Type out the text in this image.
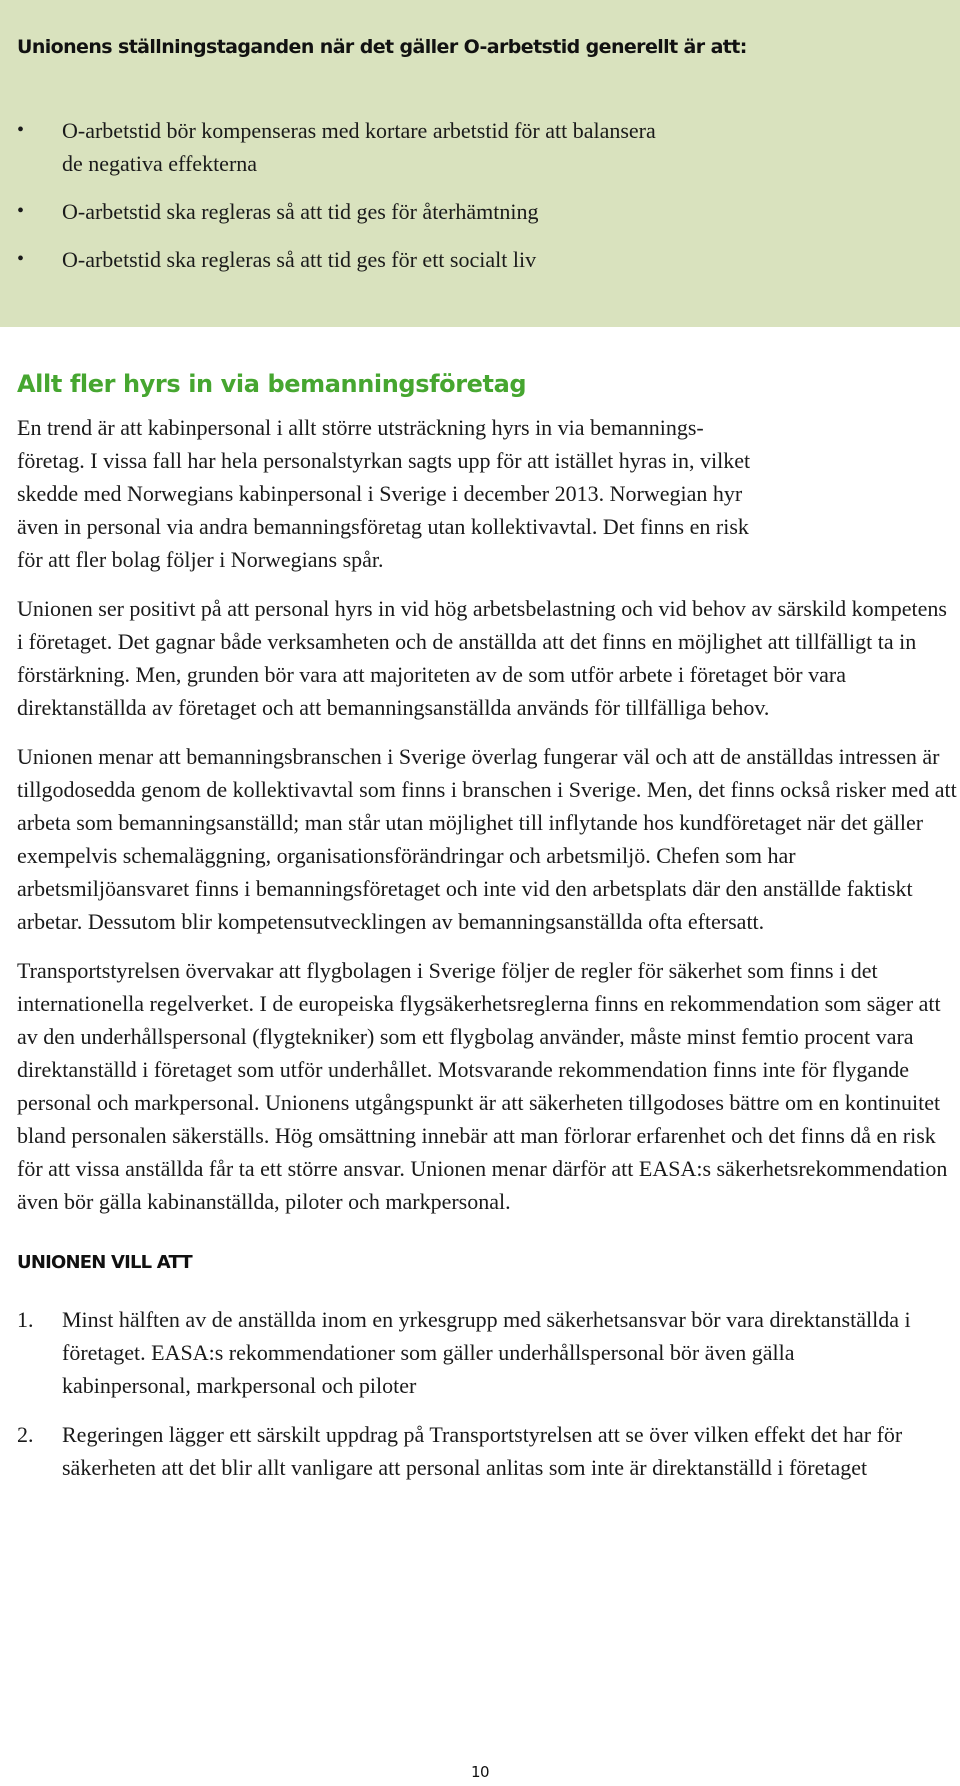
Unionens ställningstaganden när det gäller O-arbetstid generellt är att:
• O-arbetstid bör kompenseras med kortare arbetstid för att balansera
de negativa effekterna
• O-arbetstid ska regleras så att tid ges för återhämtning
• O-arbetstid ska regleras så att tid ges för ett socialt liv
Allt fler hyrs in via bemanningsföretag

En trend är att kabinpersonal i allt större utsträckning hyrs in via bemannings-
företag. I vissa fall har hela personalstyrkan sagts upp för att istället hyras in, vilket
skedde med Norwegians kabinpersonal i Sverige i december 2013. Norwegian hyr
även in personal via andra bemanningsföretag utan kollektivavtal. Det finns en risk
för att fler bolag följer i Norwegians spår.

Unionen ser positivt på att personal hyrs in vid hög arbetsbelastning och vid behov av särskild kompetens i företaget. Det gagnar både verksamheten och de anställda att det finns en möjlighet att tillfälligt ta in förstärkning. Men, grunden bör vara att majoriteten av de som utför arbete i företaget bör vara direktanställda av företaget och att bemanningsanställda används för tillfälliga behov.

Unionen menar att bemanningsbranschen i Sverige överlag fungerar väl och att de anställdas intressen är tillgodosedda genom de kollektivavtal som finns i branschen i Sverige. Men, det finns också risker med att arbeta som bemanningsanställd; man står utan möjlighet till inflytande hos kundföretaget när det gäller exempelvis schemaläggning, organisationsförändringar och arbetsmiljö. Chefen som har arbetsmiljöansvaret finns i bemanningsföretaget och inte vid den arbetsplats där den anställde faktiskt arbetar. Dessutom blir kompetensutvecklingen av bemanningsanställda ofta eftersatt.

Transportstyrelsen övervakar att flygbolagen i Sverige följer de regler för säkerhet som finns i det internationella regelverket. I de europeiska flygsäkerhetsreglerna finns en rekommendation som säger att av den underhållspersonal (flygtekniker) som ett flygbolag använder, måste minst femtio procent vara direktanställd i företaget som utför underhållet. Motsvarande rekommendation finns inte för flygande personal och markpersonal. Unionens utgångspunkt är att säkerheten tillgodoses bättre om en kontinuitet bland personalen säkerställs. Hög omsättning innebär att man förlorar erfarenhet och det finns då en risk för att vissa anställda får ta ett större ansvar. Unionen menar därför att EASA:s säkerhetsrekommendation även bör gälla kabinanställda, piloter och markpersonal.

UNIONEN VILL ATT
1. Minst hälften av de anställda inom en yrkesgrupp med säkerhetsansvar bör vara direktanställda i företaget. EASA:s rekommendationer som gäller underhållspersonal bör även gälla kabinpersonal, markpersonal och piloter
2. Regeringen lägger ett särskilt uppdrag på Transportstyrelsen att se över vilken effekt det har för säkerheten att det blir allt vanligare att personal anlitas som inte är direktanställd i företaget
10
